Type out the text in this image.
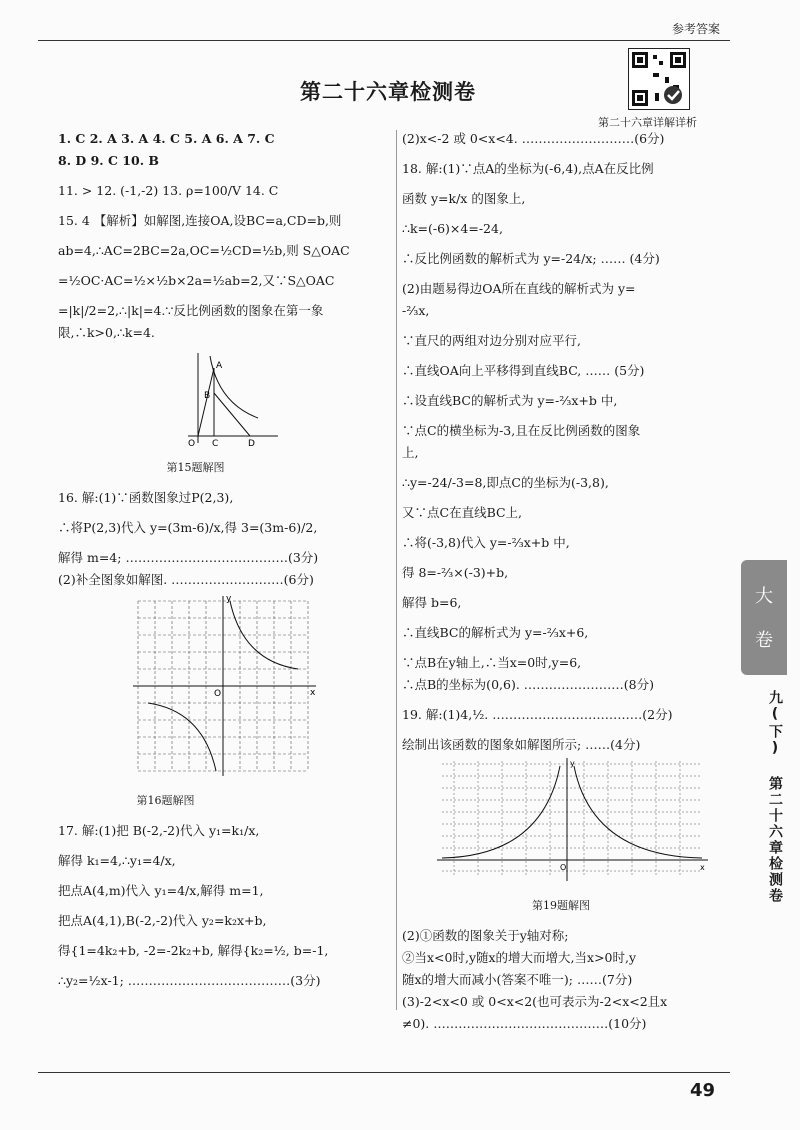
参考答案
第二十六章详解详析
第二十六章检测卷
1. C 2. A 3. A 4. C 5. A 6. A 7. C
8. D 9. C 10. B
11. > 12. (-1,-2) 13. ρ=100/V 14. C
15. 4 【解析】如解图,连接OA,设BC=a,CD=b,则
ab=4,∴AC=2BC=2a,OC=½CD=½b,则 S△OAC
=½OC·AC=½×½b×2a=½ab=2,又∵S△OAC
=|k|/2=2,∴|k|=4.∵反比例函数的图象在第一象
限,∴k>0,∴k=4.
A
B
O C	D
第15题解图
16. 解:(1)∵函数图象过P(2,3),
∴将P(2,3)代入 y=(3m-6)/x,得 3=(3m-6)/2,
解得 m=4; …………………………………(3分)
(2)补全图象如解图. ………………………(6分)
y
x
O
第16题解图
17. 解:(1)把 B(-2,-2)代入 y₁=k₁/x,
解得 k₁=4,∴y₁=4/x,
把点A(4,m)代入 y₁=4/x,解得 m=1,
把点A(4,1),B(-2,-2)代入 y₂=k₂x+b,
得{1=4k₂+b, -2=-2k₂+b, 解得{k₂=½, b=-1,
∴y₂=½x-1; …………………………………(3分)
(2)x<-2 或 0<x<4. ………………………(6分)
18. 解:(1)∵点A的坐标为(-6,4),点A在反比例
函数 y=k/x 的图象上,
∴k=(-6)×4=-24,
∴反比例函数的解析式为 y=-24/x; …… (4分)
(2)由题易得边OA所在直线的解析式为 y=
-⅔x,
∵直尺的两组对边分别对应平行,
∴直线OA向上平移得到直线BC, …… (5分)
∴设直线BC的解析式为 y=-⅔x+b 中,
∵点C的横坐标为-3,且在反比例函数的图象
上,
∴y=-24/-3=8,即点C的坐标为(-3,8),
又∵点C在直线BC上,
∴将(-3,8)代入 y=-⅔x+b 中,
得 8=-⅔×(-3)+b,
解得 b=6,
∴直线BC的解析式为 y=-⅔x+6,
∵点B在y轴上,∴当x=0时,y=6,
∴点B的坐标为(0,6). ……………………(8分)
19. 解:(1)4,½. ………………………………(2分)
绘制出该函数的图象如解图所示; ……(4分)
y
x
O
第19题解图
(2)①函数的图象关于y轴对称;
②当x<0时,y随x的增大而增大,当x>0时,y
随x的增大而减小(答案不唯一); ……(7分)
(3)-2<x<0 或 0<x<2(也可表示为-2<x<2且x
≠0). ……………………………………(10分)
大
卷
九(下) 第二十六章检测卷
49
